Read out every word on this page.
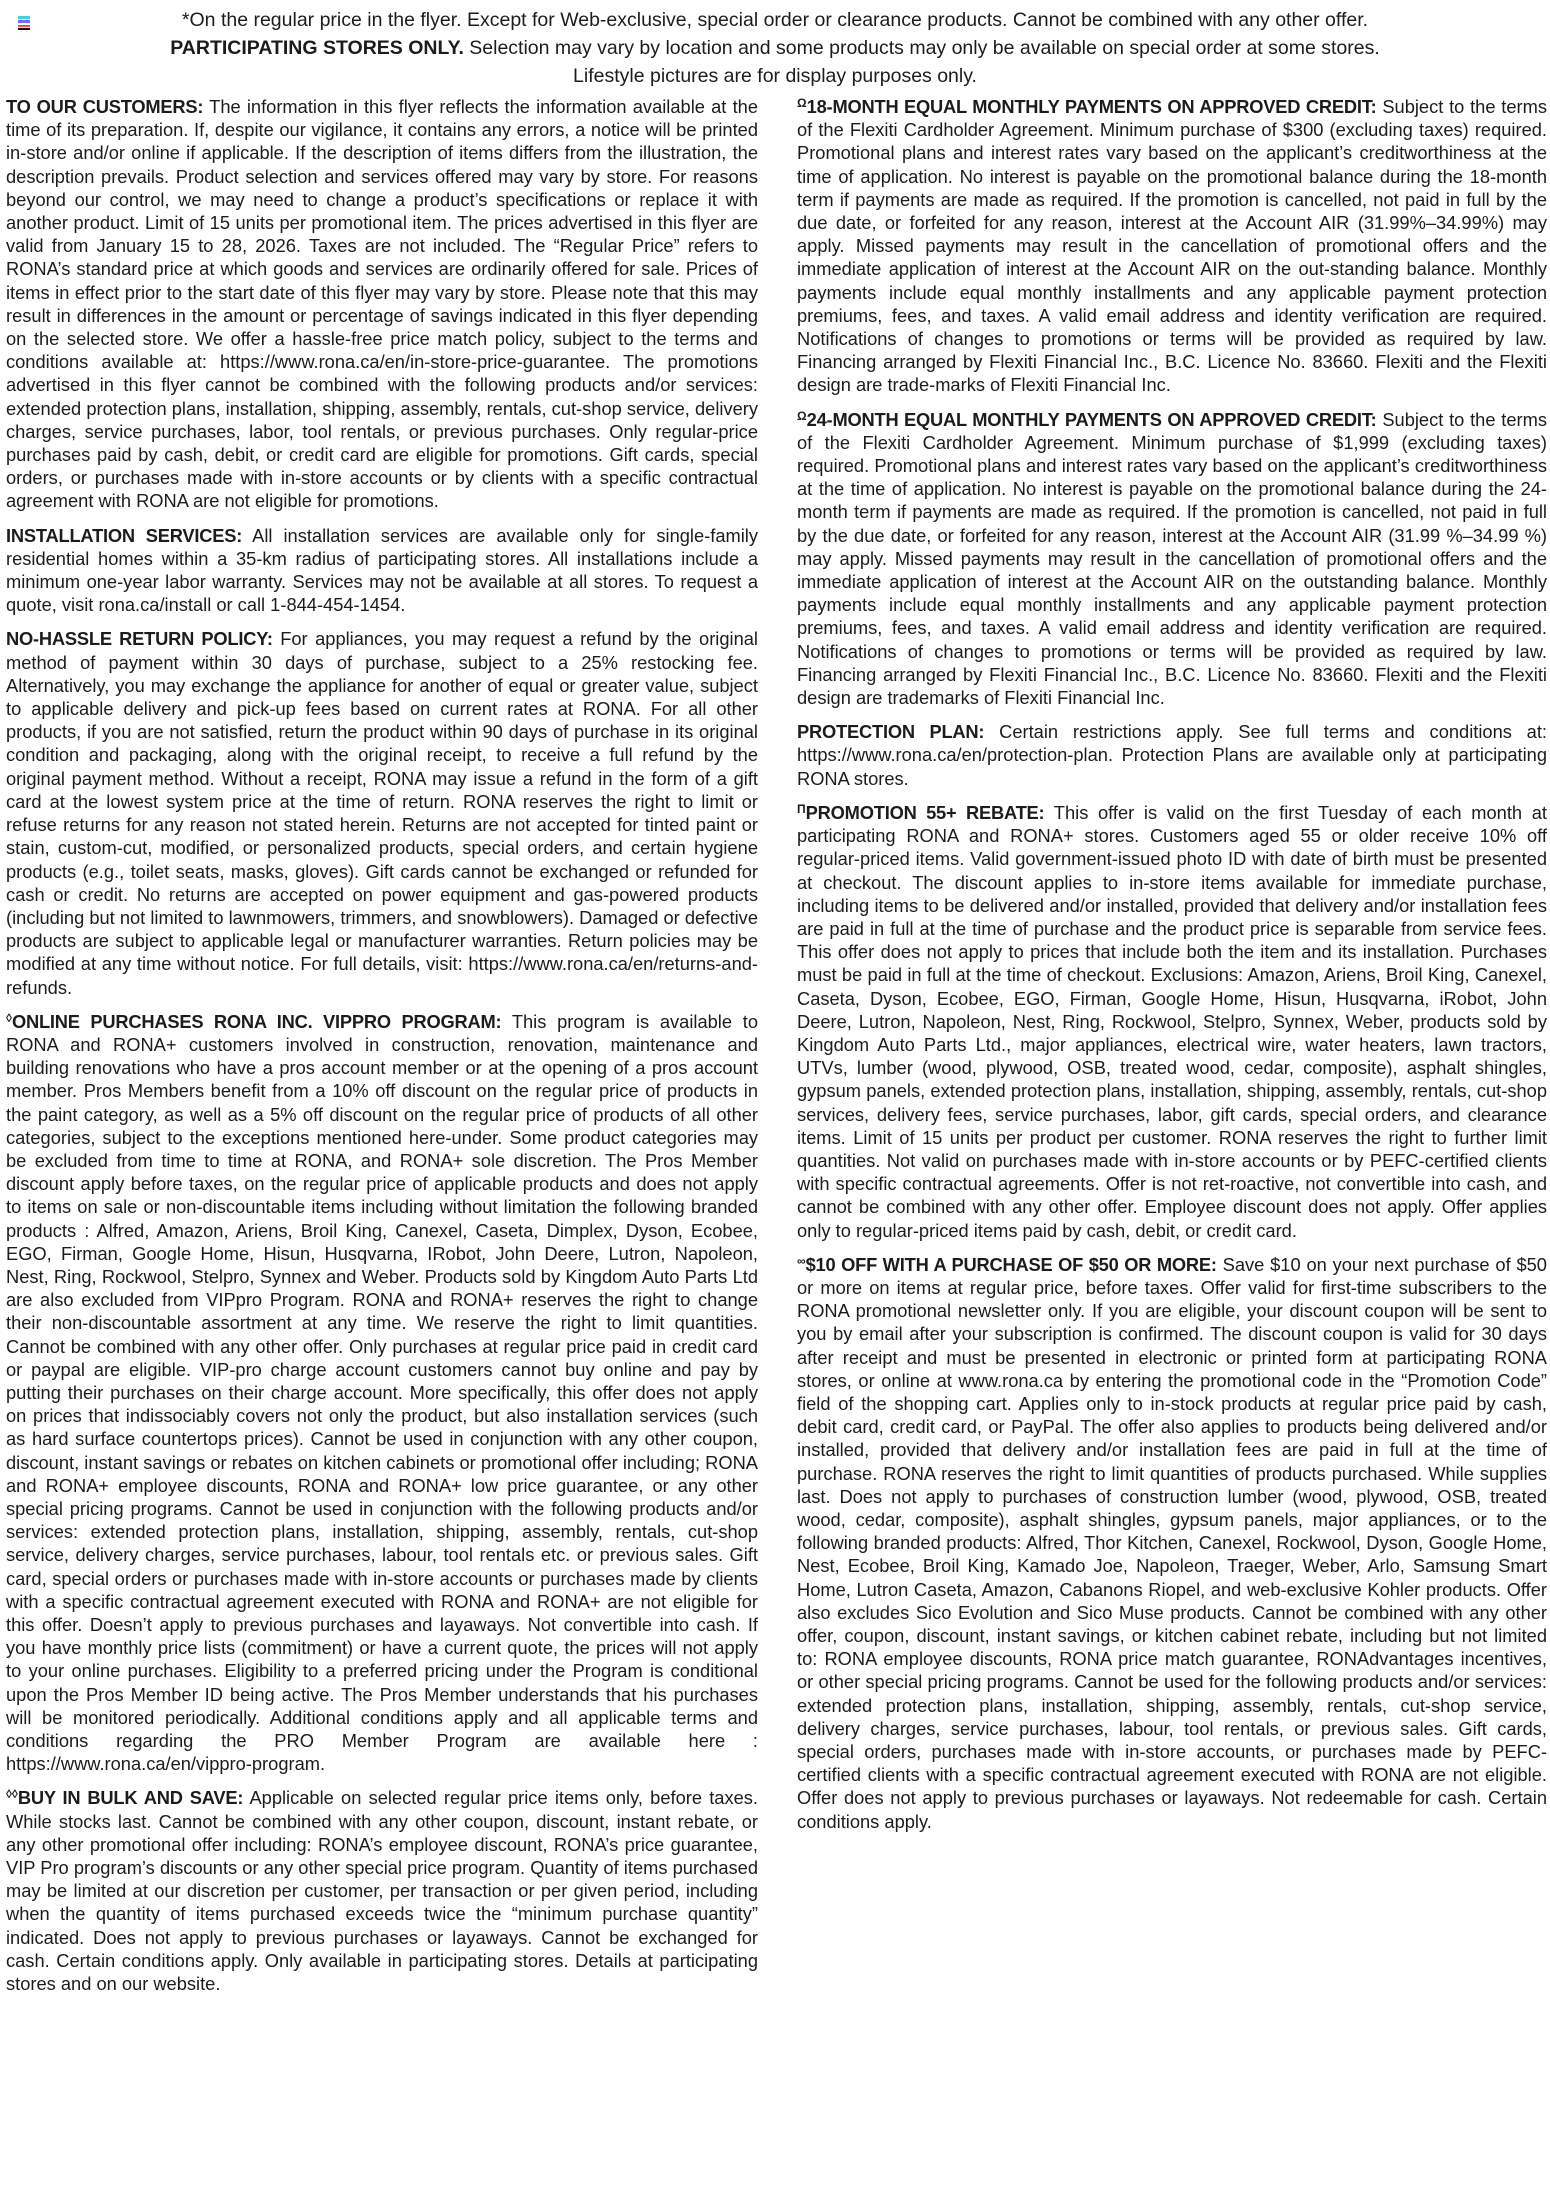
*On the regular price in the flyer. Except for Web-exclusive, special order or clearance products. Cannot be combined with any other offer.
PARTICIPATING STORES ONLY. Selection may vary by location and some products may only be available on special order at some stores.
Lifestyle pictures are for display purposes only.

TO OUR CUSTOMERS: The information in this flyer reflects the information available at the time of its preparation. If, despite our vigilance, it contains any errors, a notice will be printed in-store and/or online if applicable. If the description of items differs from the illustration, the description prevails. Product selection and services offered may vary by store. For reasons beyond our control, we may need to change a product’s specifications or replace it with another product. Limit of 15 units per promotional item. The prices advertised in this flyer are valid from January 15 to 28, 2026. Taxes are not included. The “Regular Price” refers to RONA’s standard price at which goods and services are ordinarily offered for sale. Prices of items in effect prior to the start date of this flyer may vary by store. Please note that this may result in differences in the amount or percentage of savings indicated in this flyer depending on the selected store. We offer a hassle-free price match policy, subject to the terms and conditions available at: https://www.rona.ca/en/in-store-price-guarantee. The promotions advertised in this flyer cannot be combined with the following products and/or services: extended protection plans, installation, shipping, assembly, rentals, cut-shop service, delivery charges, service purchases, labor, tool rentals, or previous purchases. Only regular-price purchases paid by cash, debit, or credit card are eligible for promotions. Gift cards, special orders, or purchases made with in-store accounts or by clients with a specific contractual agreement with RONA are not eligible for promotions.

INSTALLATION SERVICES: All installation services are available only for single-family residential homes within a 35-km radius of participating stores. All installations include a minimum one-year labor warranty. Services may not be available at all stores. To request a quote, visit rona.ca/install or call 1-844-454-1454.

NO-HASSLE RETURN POLICY: For appliances, you may request a refund by the original method of payment within 30 days of purchase, subject to a 25% restocking fee. Alternatively, you may exchange the appliance for another of equal or greater value, subject to applicable delivery and pick-up fees based on current rates at RONA. For all other products, if you are not satisfied, return the product within 90 days of purchase in its original condition and packaging, along with the original receipt, to receive a full refund by the original payment method. Without a receipt, RONA may issue a refund in the form of a gift card at the lowest system price at the time of return. RONA reserves the right to limit or refuse returns for any reason not stated herein. Returns are not accepted for tinted paint or stain, custom-cut, modified, or personalized products, special orders, and certain hygiene products (e.g., toilet seats, masks, gloves). Gift cards cannot be exchanged or refunded for cash or credit. No returns are accepted on power equipment and gas-powered products (including but not limited to lawnmowers, trimmers, and snowblowers). Damaged or defective products are subject to applicable legal or manufacturer warranties. Return policies may be modified at any time without notice. For full details, visit: https://www.rona.ca/en/returns-and-refunds.

◊ONLINE PURCHASES RONA INC. VIPPRO PROGRAM: This program is available to RONA and RONA+ customers involved in construction, renovation, maintenance and building renovations who have a pros account member or at the opening of a pros account member. Pros Members benefit from a 10% off discount on the regular price of products in the paint category, as well as a 5% off discount on the regular price of products of all other categories, subject to the exceptions mentioned here-under. Some product categories may be excluded from time to time at RONA, and RONA+ sole discretion. The Pros Member discount apply before taxes, on the regular price of applicable products and does not apply to items on sale or non-discountable items including without limitation the following branded products : Alfred, Amazon, Ariens, Broil King, Canexel, Caseta, Dimplex, Dyson, Ecobee, EGO, Firman, Google Home, Hisun, Husqvarna, IRobot, John Deere, Lutron, Napoleon, Nest, Ring, Rockwool, Stelpro, Synnex and Weber. Products sold by Kingdom Auto Parts Ltd are also excluded from VIPpro Program. RONA and RONA+ reserves the right to change their non-discountable assortment at any time. We reserve the right to limit quantities. Cannot be combined with any other offer. Only purchases at regular price paid in credit card or paypal are eligible. VIP-pro charge account customers cannot buy online and pay by putting their purchases on their charge account. More specifically, this offer does not apply on prices that indissociably covers not only the product, but also installation services (such as hard surface countertops prices). Cannot be used in conjunction with any other coupon, discount, instant savings or rebates on kitchen cabinets or promotional offer including; RONA and RONA+ employee discounts, RONA and RONA+ low price guarantee, or any other special pricing programs. Cannot be used in conjunction with the following products and/or services: extended protection plans, installation, shipping, assembly, rentals, cut-shop service, delivery charges, service purchases, labour, tool rentals etc. or previous sales. Gift card, special orders or purchases made with in-store accounts or purchases made by clients with a specific contractual agreement executed with RONA and RONA+ are not eligible for this offer. Doesn’t apply to previous purchases and layaways. Not convertible into cash. If you have monthly price lists (commitment) or have a current quote, the prices will not apply to your online purchases. Eligibility to a preferred pricing under the Program is conditional upon the Pros Member ID being active. The Pros Member understands that his purchases will be monitored periodically. Additional conditions apply and all applicable terms and conditions regarding the PRO Member Program are available here : https://www.rona.ca/en/vippro-program.

◊◊BUY IN BULK AND SAVE: Applicable on selected regular price items only, before taxes. While stocks last. Cannot be combined with any other coupon, discount, instant rebate, or any other promotional offer including: RONA’s employee discount, RONA’s price guarantee, VIP Pro program’s discounts or any other special price program. Quantity of items purchased may be limited at our discretion per customer, per transaction or per given period, including when the quantity of items purchased exceeds twice the “minimum purchase quantity” indicated. Does not apply to previous purchases or layaways. Cannot be exchanged for cash. Certain conditions apply. Only available in participating stores. Details at participating stores and on our website.

$^\Omega$18-MONTH EQUAL MONTHLY PAYMENTS ON APPROVED CREDIT: Subject to the terms of the Flexiti Cardholder Agreement. Minimum purchase of $300 (excluding taxes) required. Promotional plans and interest rates vary based on the applicant’s creditworthiness at the time of application. No interest is payable on the promotional balance during the 18-month term if payments are made as required. If the promotion is cancelled, not paid in full by the due date, or forfeited for any reason, interest at the Account AIR (31.99%–34.99%) may apply. Missed payments may result in the cancellation of promotional offers and the immediate application of interest at the Account AIR on the out-standing balance. Monthly payments include equal monthly installments and any applicable payment protection premiums, fees, and taxes. A valid email address and identity verification are required. Notifications of changes to promotions or terms will be provided as required by law. Financing arranged by Flexiti Financial Inc., B.C. Licence No. 83660. Flexiti and the Flexiti design are trade-marks of Flexiti Financial Inc.

$^\Omega$24-MONTH EQUAL MONTHLY PAYMENTS ON APPROVED CREDIT: Subject to the terms of the Flexiti Cardholder Agreement. Minimum purchase of $1,999 (excluding taxes) required. Promotional plans and interest rates vary based on the applicant’s creditworthiness at the time of application. No interest is payable on the promotional balance during the 24-month term if payments are made as required. If the promotion is cancelled, not paid in full by the due date, or forfeited for any reason, interest at the Account AIR (31.99 %–34.99 %) may apply. Missed payments may result in the cancellation of promotional offers and the immediate application of interest at the Account AIR on the outstanding balance. Monthly payments include equal monthly installments and any applicable payment protection premiums, fees, and taxes. A valid email address and identity verification are required. Notifications of changes to promotions or terms will be provided as required by law. Financing arranged by Flexiti Financial Inc., B.C. Licence No. 83660. Flexiti and the Flexiti design are trademarks of Flexiti Financial Inc.

PROTECTION PLAN: Certain restrictions apply. See full terms and conditions at: https://www.rona.ca/en/protection-plan. Protection Plans are available only at participating RONA stores.

$^\Pi$PROMOTION 55+ REBATE: This offer is valid on the first Tuesday of each month at participating RONA and RONA+ stores. Customers aged 55 or older receive 10% off regular-priced items. Valid government-issued photo ID with date of birth must be presented at checkout. The discount applies to in-store items available for immediate purchase, including items to be delivered and/or installed, provided that delivery and/or installation fees are paid in full at the time of purchase and the product price is separable from service fees. This offer does not apply to prices that include both the item and its installation. Purchases must be paid in full at the time of checkout. Exclusions: Amazon, Ariens, Broil King, Canexel, Caseta, Dyson, Ecobee, EGO, Firman, Google Home, Hisun, Husqvarna, iRobot, John Deere, Lutron, Napoleon, Nest, Ring, Rockwool, Stelpro, Synnex, Weber, products sold by Kingdom Auto Parts Ltd., major appliances, electrical wire, water heaters, lawn tractors, UTVs, lumber (wood, plywood, OSB, treated wood, cedar, composite), asphalt shingles, gypsum panels, extended protection plans, installation, shipping, assembly, rentals, cut-shop services, delivery fees, service purchases, labor, gift cards, special orders, and clearance items. Limit of 15 units per product per customer. RONA reserves the right to further limit quantities. Not valid on purchases made with in-store accounts or by PEFC-certified clients with specific contractual agreements. Offer is not ret-roactive, not convertible into cash, and cannot be combined with any other offer. Employee discount does not apply. Offer applies only to regular-priced items paid by cash, debit, or credit card.

∞$10 OFF WITH A PURCHASE OF $50 OR MORE: Save $10 on your next purchase of $50 or more on items at regular price, before taxes. Offer valid for first-time subscribers to the RONA promotional newsletter only. If you are eligible, your discount coupon will be sent to you by email after your subscription is confirmed. The discount coupon is valid for 30 days after receipt and must be presented in electronic or printed form at participating RONA stores, or online at www.rona.ca by entering the promotional code in the “Promotion Code” field of the shopping cart. Applies only to in-stock products at regular price paid by cash, debit card, credit card, or PayPal. The offer also applies to products being delivered and/or installed, provided that delivery and/or installation fees are paid in full at the time of purchase. RONA reserves the right to limit quantities of products purchased. While supplies last. Does not apply to purchases of construction lumber (wood, plywood, OSB, treated wood, cedar, composite), asphalt shingles, gypsum panels, major appliances, or to the following branded products: Alfred, Thor Kitchen, Canexel, Rockwool, Dyson, Google Home, Nest, Ecobee, Broil King, Kamado Joe, Napoleon, Traeger, Weber, Arlo, Samsung Smart Home, Lutron Caseta, Amazon, Cabanons Riopel, and web-exclusive Kohler products. Offer also excludes Sico Evolution and Sico Muse products. Cannot be combined with any other offer, coupon, discount, instant savings, or kitchen cabinet rebate, including but not limited to: RONA employee discounts, RONA price match guarantee, RONAdvantages incentives, or other special pricing programs. Cannot be used for the following products and/or services: extended protection plans, installation, shipping, assembly, rentals, cut-shop service, delivery charges, service purchases, labour, tool rentals, or previous sales. Gift cards, special orders, purchases made with in-store accounts, or purchases made by PEFC-certified clients with a specific contractual agreement executed with RONA are not eligible. Offer does not apply to previous purchases or layaways. Not redeemable for cash. Certain conditions apply.
